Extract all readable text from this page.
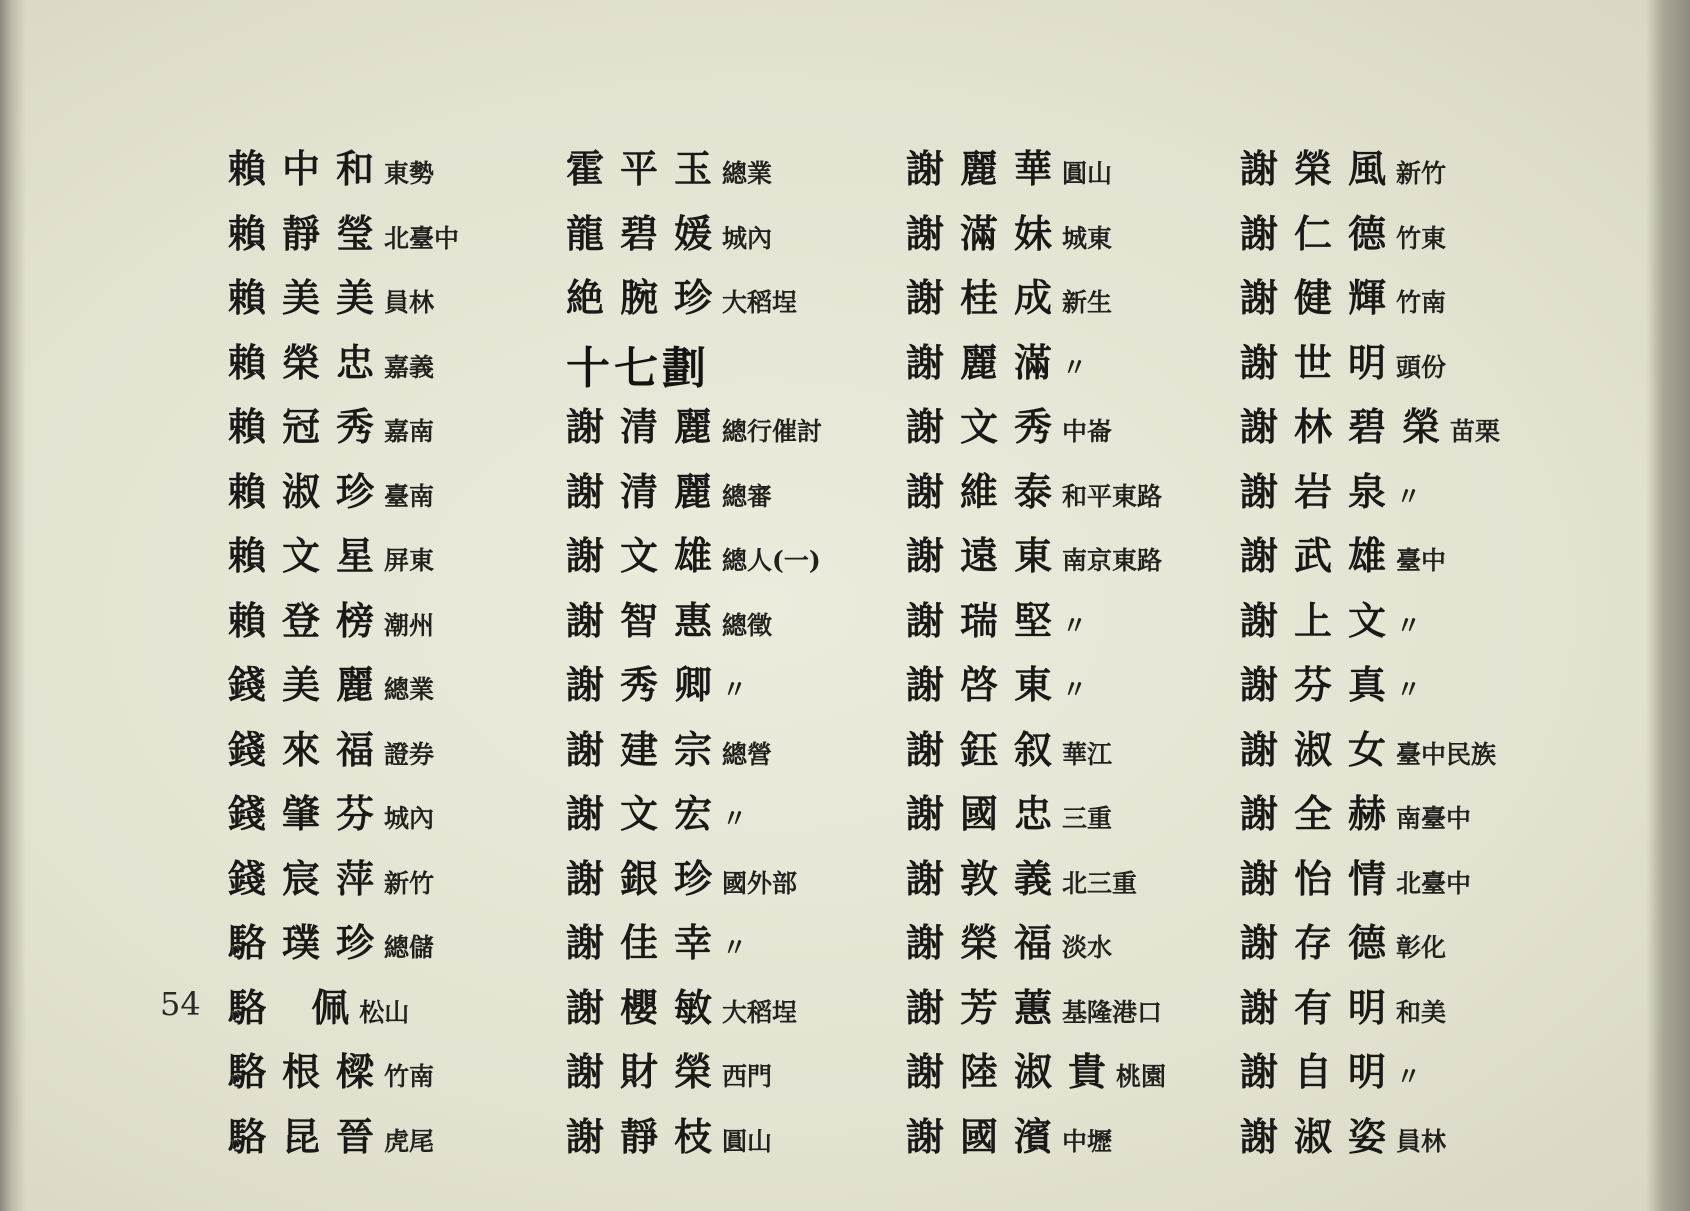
賴中和
東勢
賴靜瑩
北臺中
賴美美
員林
賴榮忠
嘉義
賴冠秀
嘉南
賴淑珍
臺南
賴文星
屏東
賴登榜
潮州
錢美麗
總業
錢來福
證券
錢肇芬
城內
錢宸萍
新竹
駱璞珍
總儲
駱 佩
松山
駱根樑
竹南
駱昆晉
虎尾
霍平玉
總業
龍碧媛
城內
絶腕珍
大稻埕
十七劃
謝清麗
總行催討
謝清麗
總審
謝文雄
總人(一)
謝智惠
總徵
謝秀卿
〃
謝建宗
總營
謝文宏
〃
謝銀珍
國外部
謝佳幸
〃
謝櫻敏
大稻埕
謝財榮
西門
謝靜枝
圓山
謝麗華
圓山
謝滿妹
城東
謝桂成
新生
謝麗滿
〃
謝文秀
中崙
謝維泰
和平東路
謝遠東
南京東路
謝瑞堅
〃
謝啓東
〃
謝鈺叙
華江
謝國忠
三重
謝敦義
北三重
謝榮福
淡水
謝芳蕙
基隆港口
謝陸淑貴
桃園
謝國濱
中壢
謝榮風
新竹
謝仁德
竹東
謝健輝
竹南
謝世明
頭份
謝林碧榮
苗栗
謝岩泉
〃
謝武雄
臺中
謝上文
〃
謝芬真
〃
謝淑女
臺中民族
謝全赫
南臺中
謝怡情
北臺中
謝存德
彰化
謝有明
和美
謝自明
〃
謝淑姿
員林
54
